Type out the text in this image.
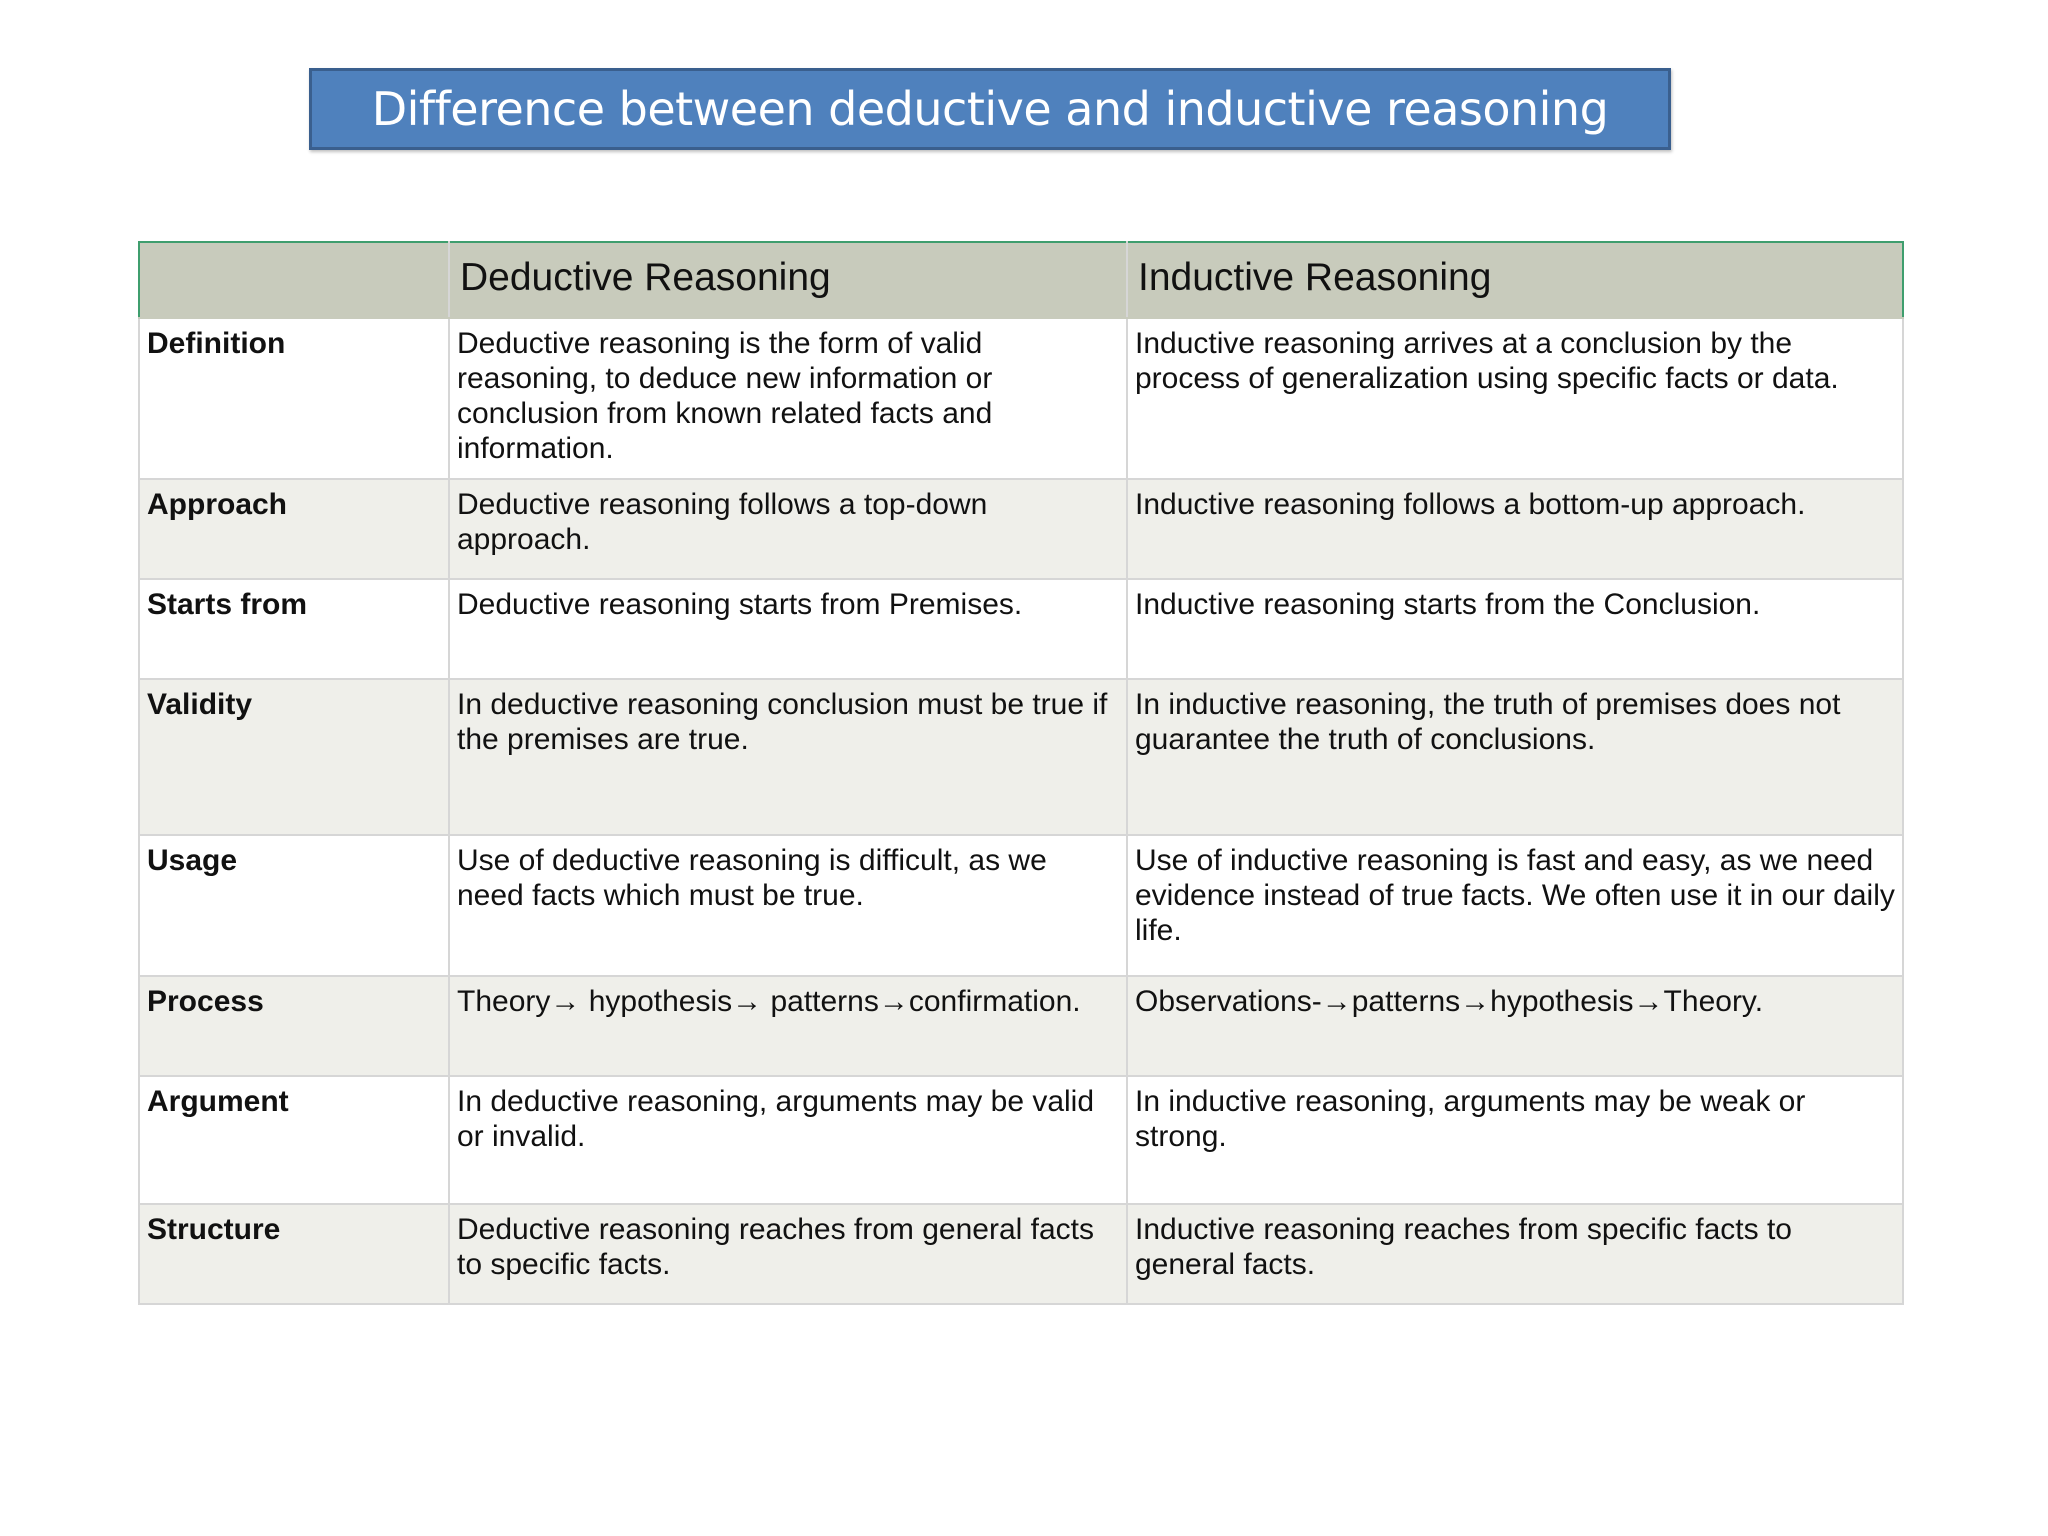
Difference between deductive and inductive reasoning
	Deductive Reasoning	Inductive Reasoning
Definition	Deductive reasoning is the form of valid reasoning, to deduce new information or conclusion from known related facts and information.	Inductive reasoning arrives at a conclusion by the process of generalization using specific facts or data.
Approach	Deductive reasoning follows a top-down approach.	Inductive reasoning follows a bottom-up approach.
Starts from	Deductive reasoning starts from Premises.	Inductive reasoning starts from the Conclusion.
Validity	In deductive reasoning conclusion must be true if the premises are true.	In inductive reasoning, the truth of premises does not guarantee the truth of conclusions.
Usage	Use of deductive reasoning is difficult, as we need facts which must be true.	Use of inductive reasoning is fast and easy, as we need evidence instead of true facts. We often use it in our daily life.
Process	Theory→ hypothesis→ patterns→confirmation.	Observations-→patterns→hypothesis→Theory.
Argument	In deductive reasoning, arguments may be valid or invalid.	In inductive reasoning, arguments may be weak or strong.
Structure	Deductive reasoning reaches from general facts to specific facts.	Inductive reasoning reaches from specific facts to general facts.
